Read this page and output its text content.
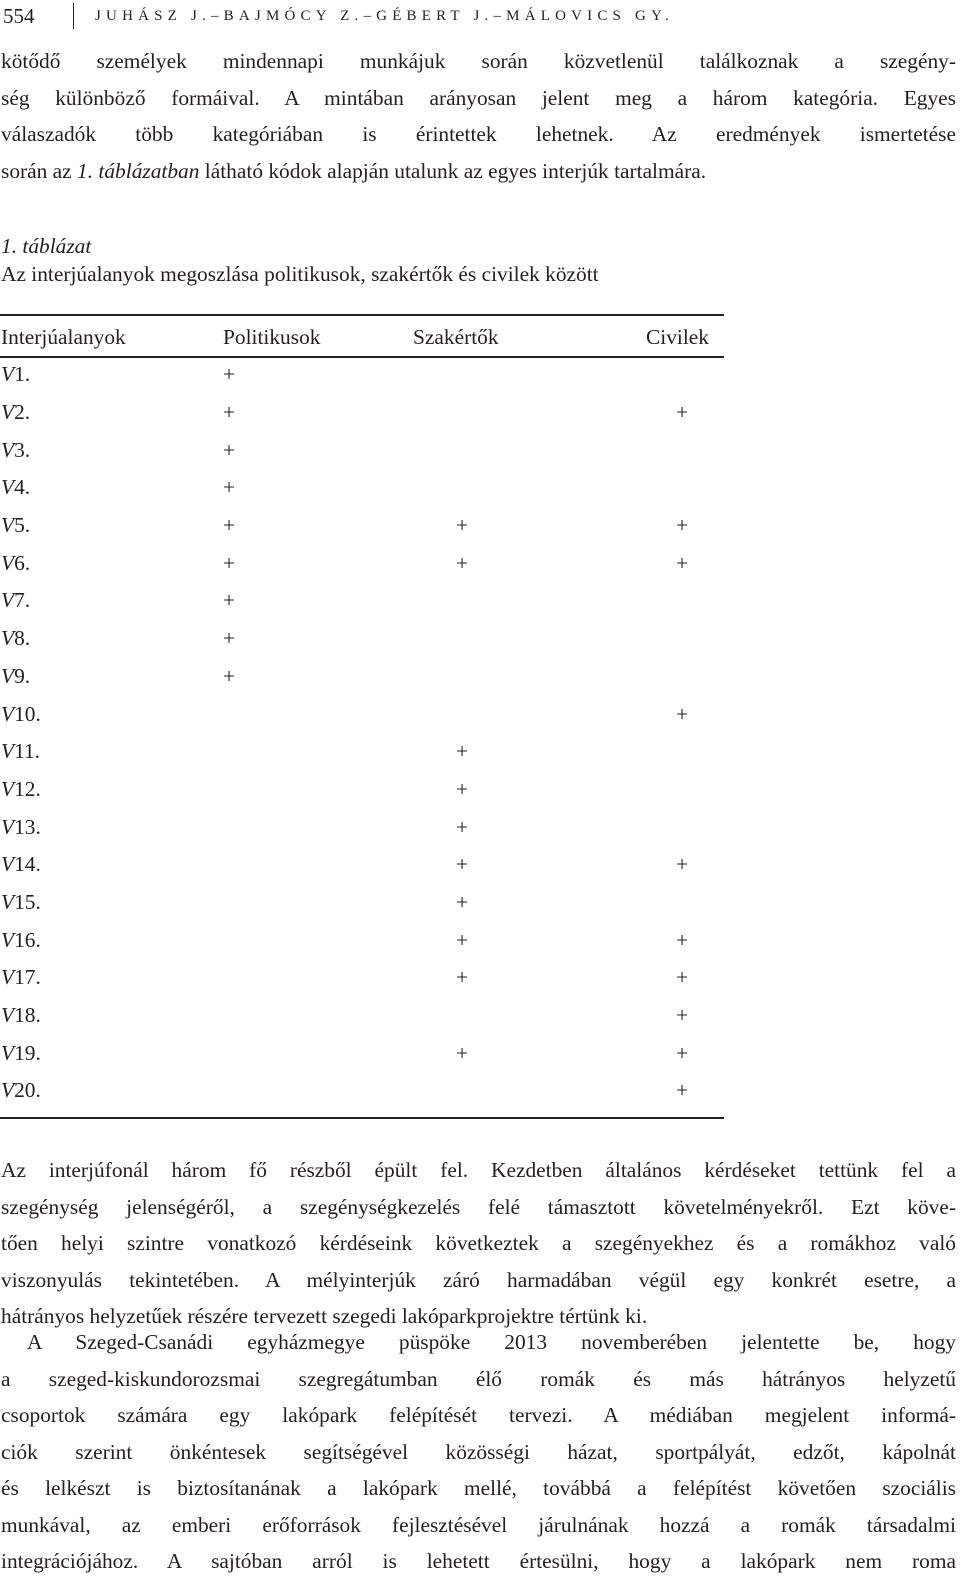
554	JUHÁSZ J.–BAJMÓCY Z.–GÉBERT J.–MÁLOVICS GY.
kötődő személyek mindennapi munkájuk során közvetlenül találkoznak a szegény-
ség különböző formáival. A mintában arányosan jelent meg a három kategória. Egyes
válaszadók több kategóriában is érintettek lehetnek. Az eredmények ismertetése
során az 1. táblázatban látható kódok alapján utalunk az egyes interjúk tartalmára.
1. táblázat
Az interjúalanyok megoszlása politikusok, szakértők és civilek között
Interjúalanyok	Politikusok	Szakértők	Civilek
V1.	+		
V2.	+		+
V3.	+		
V4.	+		
V5.	+	+	+
V6.	+	+	+
V7.	+		
V8.	+		
V9.	+		
V10.			+
V11.		+	
V12.		+	
V13.		+	
V14.		+	+
V15.		+	
V16.		+	+
V17.		+	+
V18.			+
V19.		+	+
V20.			+
Az interjúfonál három fő részből épült fel. Kezdetben általános kérdéseket tettünk fel a
szegénység jelenségéről, a szegénységkezelés felé támasztott követelményekről. Ezt köve-
tően helyi szintre vonatkozó kérdéseink következtek a szegényekhez és a romákhoz való
viszonyulás tekintetében. A mélyinterjúk záró harmadában végül egy konkrét esetre, a
hátrányos helyzetűek részére tervezett szegedi lakóparkprojektre tértünk ki.
A Szeged-Csanádi egyházmegye püspöke 2013 novemberében jelentette be, hogy
a szeged-kiskundorozsmai szegregátumban élő romák és más hátrányos helyzetű
csoportok számára egy lakópark felépítését tervezi. A médiában megjelent informá-
ciók szerint önkéntesek segítségével közösségi házat, sportpályát, edzőt, kápolnát
és lelkészt is biztosítanának a lakópark mellé, továbbá a felépítést követően szociális
munkával, az emberi erőforrások fejlesztésével járulnának hozzá a romák társadalmi
integrációjához. A sajtóban arról is lehetett értesülni, hogy a lakópark nem roma
